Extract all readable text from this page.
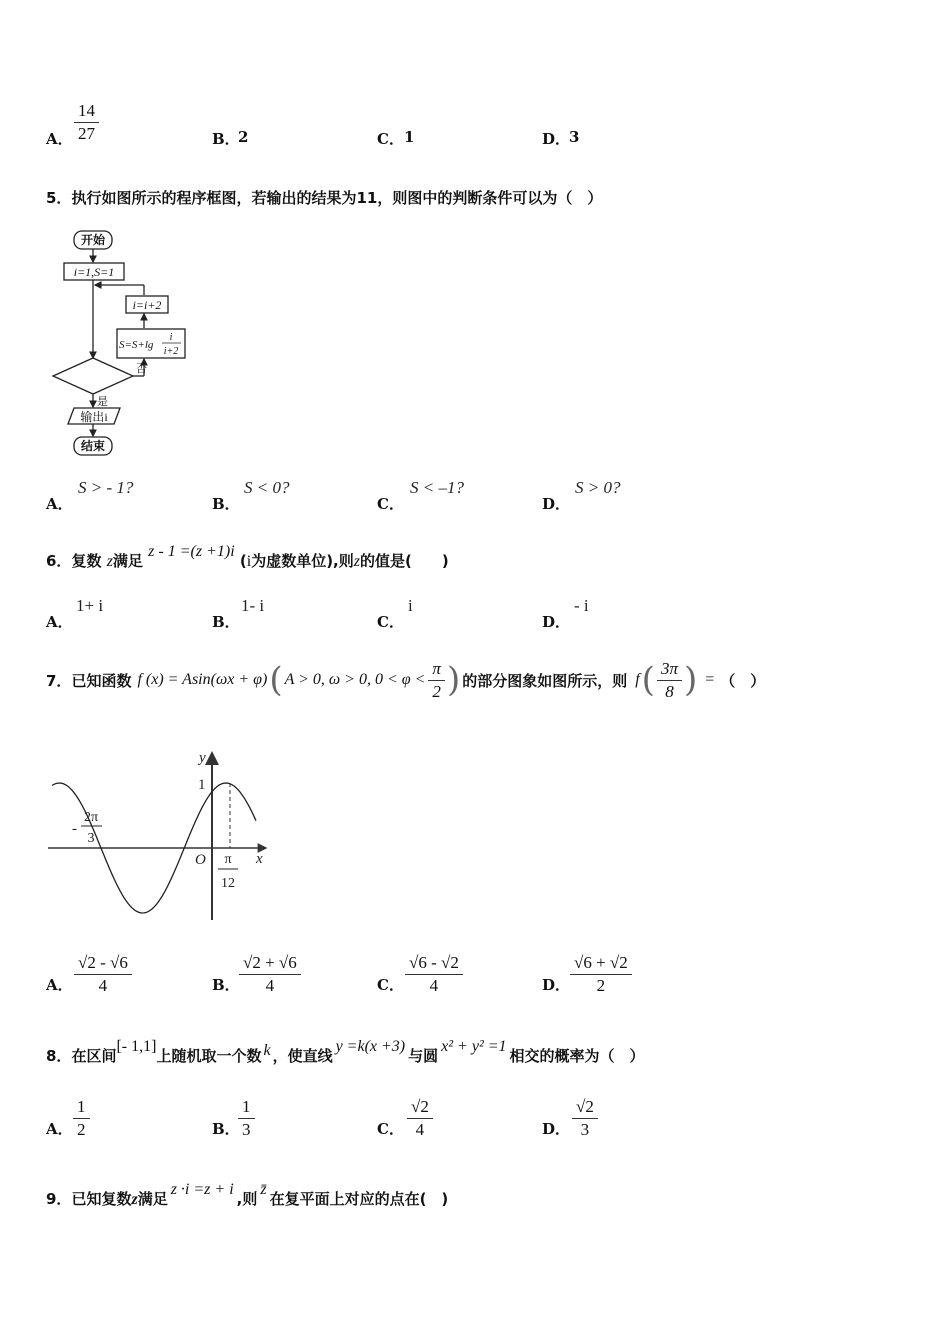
A． $\frac{14}{27}$	B．
2	C． 1	D．
3
5．执行如图所示的程序框图，若输出的结果为11，则图中的判断条件可以为（　）
开始
i=1,S=1
i=i+2
S=S+lg
i
i+2
否
是
输出i
结束
A．
S > - 1?
B．
S < 0?
C．
S < –1?
D．
S > 0?
6．复数 z满足 z - 1 =(z +1)i (i为虚数单位),则z的值是(　　)
A．
1+ i
B．
1- i
C．
i
D．
- i
7． 已知函数 f (x) = Asin(ωx + φ) ( A > 0, ω > 0, $0 < \varphi < \frac{\pi}{2}$ ) 的部分图象如图所示，则 f ( $\frac{3\pi}{8}$ ) = （　）
y
x
O
1
-
2π
3
π
12
A． $\frac{√2 - √6}{4}$	B． $\frac{√2 + √6}{4}$	C． $\frac{√6 - √2}{4}$	D． $\frac{√6 + √2}{2}$
8．在区间[- 1,1]上随机取一个数 k ，使直线y =k(x +3)与圆x² + y² =1相交的概率为（　）
A． $\frac{1}{2}$	B．
$\frac{1}{3}$	C． $\frac{√2}{4}$	D． $\frac{√2}{3}$
9．已知复数z满足z ·i =z + i,则z̄在复平面上对应的点在(　)
